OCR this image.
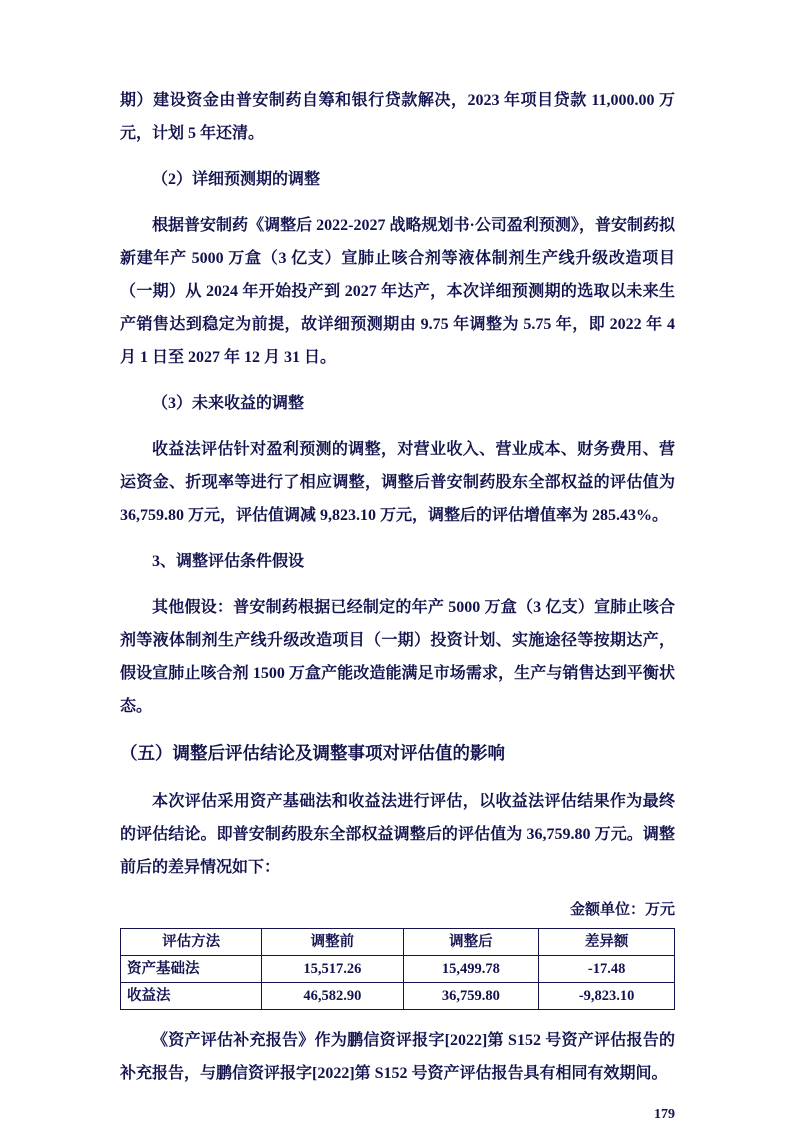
期）建设资金由普安制药自筹和银行贷款解决，2023 年项目贷款 11,000.00 万元，计划 5 年还清。

（2）详细预测期的调整

根据普安制药《调整后 2022-2027 战略规划书·公司盈利预测》，普安制药拟新建年产 5000 万盒（3 亿支）宣肺止咳合剂等液体制剂生产线升级改造项目（一期）从 2024 年开始投产到 2027 年达产，本次详细预测期的选取以未来生产销售达到稳定为前提，故详细预测期由 9.75 年调整为 5.75 年，即 2022 年 4 月 1 日至 2027 年 12 月 31 日。

（3）未来收益的调整

收益法评估针对盈利预测的调整，对营业收入、营业成本、财务费用、营运资金、折现率等进行了相应调整，调整后普安制药股东全部权益的评估值为 36,759.80 万元，评估值调减 9,823.10 万元，调整后的评估增值率为 285.43%。

3、调整评估条件假设

其他假设：普安制药根据已经制定的年产 5000 万盒（3 亿支）宣肺止咳合剂等液体制剂生产线升级改造项目（一期）投资计划、实施途径等按期达产，假设宣肺止咳合剂 1500 万盒产能改造能满足市场需求，生产与销售达到平衡状态。

（五）调整后评估结论及调整事项对评估值的影响

本次评估采用资产基础法和收益法进行评估，以收益法评估结果作为最终的评估结论。即普安制药股东全部权益调整后的评估值为 36,759.80 万元。调整前后的差异情况如下：

金额单位：万元

评估方法	调整前	调整后	差异额
资产基础法	15,517.26	15,499.78	-17.48
收益法	46,582.90	36,759.80	-9,823.10

《资产评估补充报告》作为鹏信资评报字[2022]第 S152 号资产评估报告的补充报告，与鹏信资评报字[2022]第 S152 号资产评估报告具有相同有效期间。

179
